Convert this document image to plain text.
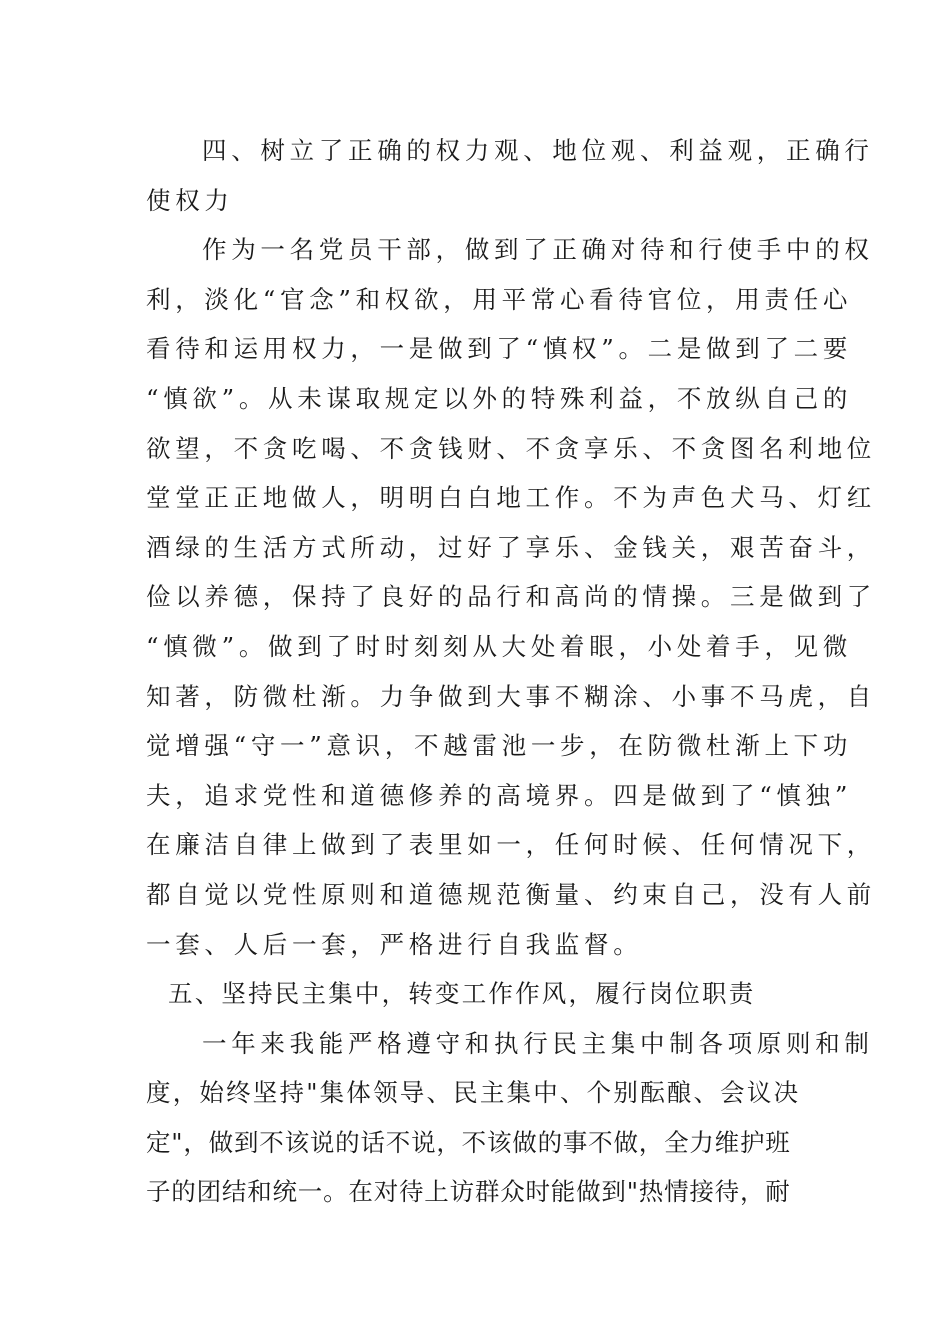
四、树立了正确的权力观、地位观、利益观，正确行
使权力
作为一名党员干部，做到了正确对待和行使手中的权
利，淡化“官念”和权欲，用平常心看待官位，用责任心
看待和运用权力，一是做到了“慎权”。二是做到了二要
“慎欲”。从未谋取规定以外的特殊利益，不放纵自己的
欲望，不贪吃喝、不贪钱财、不贪享乐、不贪图名利地位
堂堂正正地做人，明明白白地工作。不为声色犬马、灯红
酒绿的生活方式所动，过好了享乐、金钱关，艰苦奋斗，
俭以养德，保持了良好的品行和高尚的情操。三是做到了
“慎微”。做到了时时刻刻从大处着眼，小处着手，见微
知著，防微杜渐。力争做到大事不糊涂、小事不马虎，自
觉增强“守一”意识，不越雷池一步，在防微杜渐上下功
夫，追求党性和道德修养的高境界。四是做到了“慎独”
在廉洁自律上做到了表里如一，任何时候、任何情况下，
都自觉以党性原则和道德规范衡量、约束自己，没有人前
一套、人后一套，严格进行自我监督。
五、坚持民主集中，转变工作作风，履行岗位职责
一年来我能严格遵守和执行民主集中制各项原则和制
度，始终坚持"集体领导、民主集中、个别酝酿、会议决
定"，做到不该说的话不说，不该做的事不做，全力维护班
子的团结和统一。在对待上访群众时能做到"热情接待，耐
